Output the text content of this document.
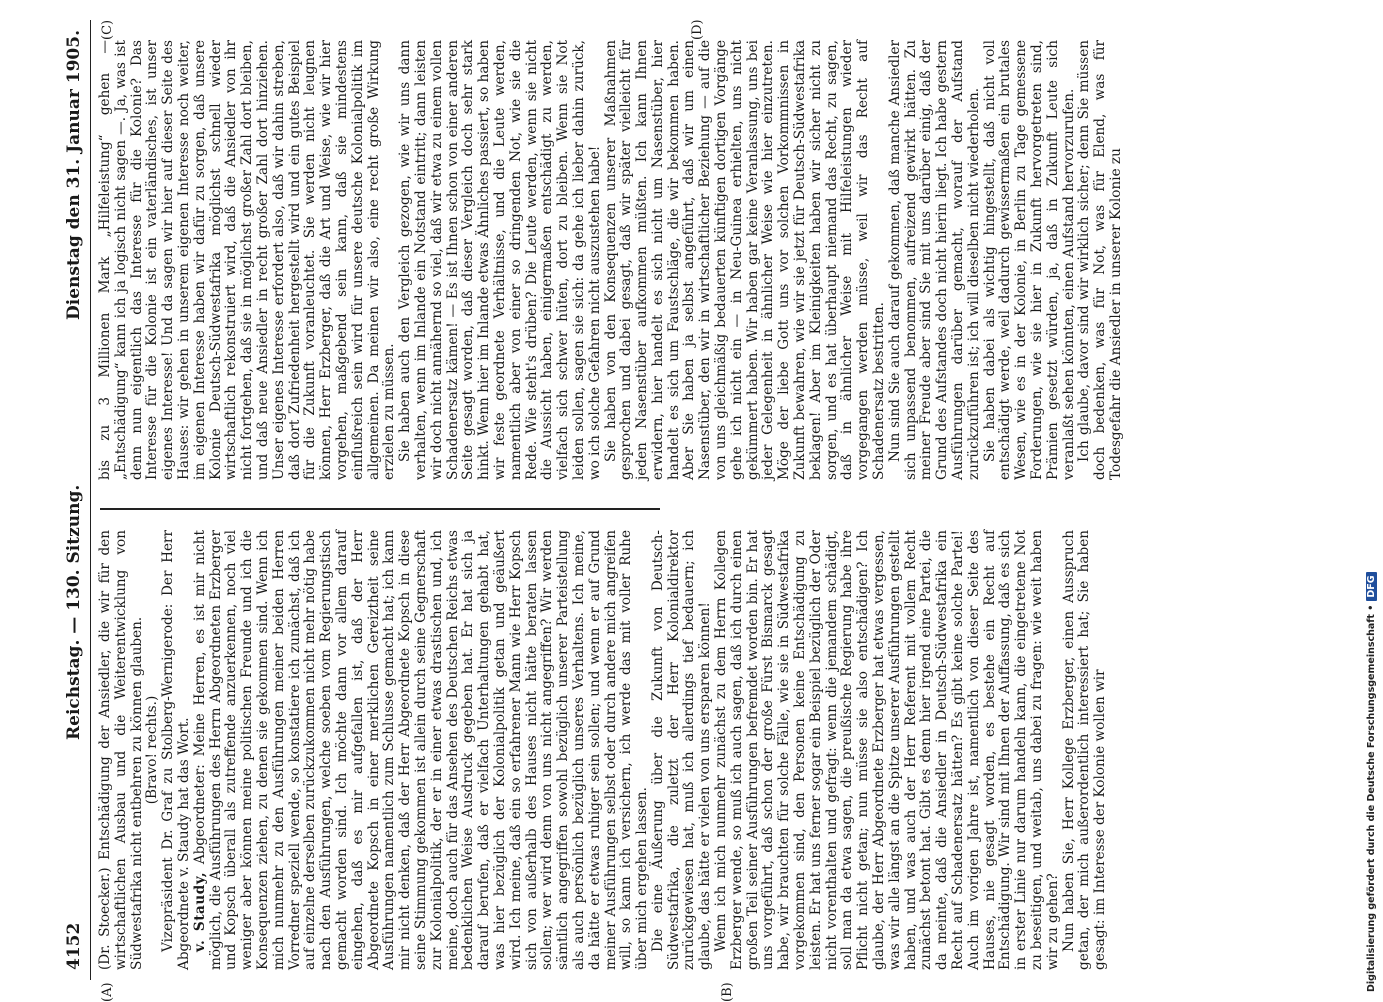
4152
Reichstag. — 130. Sitzung.
Dienstag den 31. Januar 1905.
(A)	(B)
(C)	(D)

(Dr. Stoecker.) Entschädigung der Ansiedler, die wir für den wirtschaftlichen Ausbau und die Weiterentwicklung von Südwestafrika nicht entbehren zu können glauben. (Bravo! rechts.) Vizepräsident Dr. Graf zu Stolberg-Wernigerode: Der Herr Abgeordnete v. Staudy hat das Wort. v. Staudy, Abgeordneter: Meine Herren, es ist mir nicht möglich, die Ausführungen des Herrn Abgeordneten Erzberger und Kopsch überall als zutreffende anzuerkennen, noch viel weniger aber können meine politischen Freunde und ich die Konsequenzen ziehen, zu denen sie gekommen sind. Wenn ich mich nunmehr zu den Ausführungen meiner beiden Herren Vorredner speziell wende, so konstatiere ich zunächst, daß ich auf einzelne derselben zurückzukommen nicht mehr nötig habe nach den Ausführungen, welche soeben vom Regierungstisch gemacht worden sind. Ich möchte dann vor allem darauf eingehen, daß es mir aufgefallen ist, daß der Herr Abgeordnete Kopsch in einer merklichen Gereiztheit seine Ausführungen namentlich zum Schlusse gemacht hat; ich kann mir nicht denken, daß der Herr Abgeordnete Kopsch in diese seine Stimmung gekommen ist allein durch seine Gegnerschaft zur Kolonialpolitik, der er in einer etwas drastischen und, ich meine, doch auch für das Ansehen des Deutschen Reichs etwas bedenklichen Weise Ausdruck gegeben hat. Er hat sich ja darauf berufen, daß er vielfach Unterhaltungen gehabt hat, was hier bezüglich der Kolonialpolitik getan und geäußert wird. Ich meine, daß ein so erfahrener Mann wie Herr Kopsch sich von außerhalb des Hauses nicht hätte beraten lassen sollen; wer wird denn von uns nicht angegriffen? Wir werden sämtlich angegriffen sowohl bezüglich unserer Parteistellung als auch persönlich bezüglich unseres Verhaltens. Ich meine, da hätte er etwas ruhiger sein sollen; und wenn er auf Grund meiner Ausführungen selbst oder durch andere mich angreifen will, so kann ich versichern, ich werde das mit voller Ruhe über mich ergehen lassen. Die eine Äußerung über die Zukunft von Deutsch-Südwestafrika, die zuletzt der Herr Kolonialdirektor zurückgewiesen hat, muß ich allerdings tief bedauern; ich glaube, das hätte er vielen von uns ersparen können! Wenn ich mich nunmehr zunächst zu dem Herrn Kollegen Erzberger wende, so muß ich auch sagen, daß ich durch einen großen Teil seiner Ausführungen befremdet worden bin. Er hat uns vorgeführt, daß schon der große Fürst Bismarck gesagt habe, wir brauchten für solche Fälle, wie sie in Südwestafrika vorgekommen sind, den Personen keine Entschädigung zu leisten. Er hat uns ferner sogar ein Beispiel bezüglich der Oder nicht vorenthalten und gefragt: wenn die jemandem schädigt, soll man da etwa sagen, die preußische Regierung habe ihre Pflicht nicht getan; nun müsse sie also entschädigen? Ich glaube, der Herr Abgeordnete Erzberger hat etwas vergessen, was wir alle längst an die Spitze unserer Ausführungen gestellt haben, und was auch der Herr Referent mit vollem Recht zunächst betont hat. Gibt es denn hier irgend eine Partei, die da meinte, daß die Ansiedler in Deutsch-Südwestafrika ein Recht auf Schadenersatz hätten? Es gibt keine solche Partei! Auch im vorigen Jahre ist, namentlich von dieser Seite des Hauses, nie gesagt worden, es bestehe ein Recht auf Entschädigung. Wir sind mit Ihnen der Auffassung, daß es sich in erster Linie nur darum handeln kann, die eingetretene Not zu beseitigen, und weitab, uns dabei zu fragen: wie weit haben wir zu gehen? Nun haben Sie, Herr Kollege Erzberger, einen Ausspruch getan, der mich außerordentlich interessiert hat; Sie haben gesagt: im Interesse der Kolonie wollen wir

bis zu 3 Millionen Mark „Hilfeleistung“ gehen — „Entschädigung“ kann ich ja logisch nicht sagen —. Ja, was ist denn nun eigentlich das Interesse für die Kolonie? Das Interesse für die Kolonie ist ein vaterländisches, ist unser eigenes Interesse! Und da sagen wir hier auf dieser Seite des Hauses: wir gehen in unserem eigenen Interesse noch weiter, im eigenen Interesse haben wir dafür zu sorgen, daß unsere Kolonie Deutsch-Südwestafrika möglichst schnell wieder wirtschaftlich rekonstruiert wird, daß die Ansiedler von ihr nicht fortgehen, daß sie in möglichst großer Zahl dort bleiben, und daß neue Ansiedler in recht großer Zahl dort hinziehen. Unser eigenes Interesse erfordert also, daß wir dahin streben, daß dort Zufriedenheit hergestellt wird und ein gutes Beispiel für die Zukunft voranleuchtet. Sie werden nicht leugnen können, Herr Erzberger, daß die Art und Weise, wie wir hier vorgehen, maßgebend sein kann, daß sie mindestens einflußreich sein wird für unsere deutsche Kolonialpolitik im allgemeinen. Da meinen wir also, eine recht große Wirkung erzielen zu müssen. Sie haben auch den Vergleich gezogen, wie wir uns dann verhalten, wenn im Inlande ein Notstand eintritt; dann leisten wir doch nicht annähernd so viel, daß wir etwa zu einem vollen Schadenersatz kämen! — Es ist Ihnen schon von einer anderen Seite gesagt worden, daß dieser Vergleich doch sehr stark hinkt. Wenn hier im Inlande etwas Ähnliches passiert, so haben wir feste geordnete Verhältnisse, und die Leute werden, namentlich aber von einer so dringenden Not, wie sie die Rede. Wie steht's drüben? Die Leute werden, wenn sie nicht die Aussicht haben, einigermaßen entschädigt zu werden, vielfach sich schwer hüten, dort zu bleiben. Wenn sie Not leiden sollen, sagen sie sich: da gehe ich lieber dahin zurück, wo ich solche Gefahren nicht auszustehen habe! Sie haben von den Konsequenzen unserer Maßnahmen gesprochen und dabei gesagt, daß wir später vielleicht für jeden Nasenstüber aufkommen müßten. Ich kann Ihnen erwidern, hier handelt es sich nicht um Nasenstüber, hier handelt es sich um Faustschläge, die wir bekommen haben. Aber Sie haben ja selbst angeführt, daß wir um einen Nasenstüber, den wir in wirtschaftlicher Beziehung — auf die von uns gleichmäßig bedauerten künftigen dortigen Vorgänge gehe ich nicht ein — in Neu-Guinea erhielten, uns nicht gekümmert haben. Wir haben gar keine Veranlassung, uns bei jeder Gelegenheit in ähnlicher Weise wie hier einzutreten. Möge der liebe Gott uns vor solchen Vorkommnissen in Zukunft bewahren, wie wir sie jetzt für Deutsch-Südwestafrika beklagen! Aber im Kleinigkeiten haben wir sicher nicht zu sorgen, und es hat überhaupt niemand das Recht, zu sagen, daß in ähnlicher Weise mit Hilfeleistungen wieder vorgegangen werden müsse, weil wir das Recht auf Schadenersatz bestritten. Nun sind Sie auch darauf gekommen, daß manche Ansiedler sich unpassend benommen, aufreizend gewirkt hätten. Zu meiner Freude aber sind Sie mit uns darüber einig, daß der Grund des Aufstandes doch nicht hierin liegt. Ich habe gestern Ausführungen darüber gemacht, worauf der Aufstand zurückzuführen ist; ich will dieselben nicht wiederholen. Sie haben dabei als wichtig hingestellt, daß nicht voll entschädigt werde, weil dadurch gewissermaßen ein brutales Wesen, wie es in der Kolonie, in Berlin zu Tage gemessene Forderungen, wie sie hier in Zukunft hervorgetreten sind, Prämien gesetzt würden, ja, daß in Zukunft Leute sich veranlaßt sehen könnten, einen Aufstand hervorzurufen. Ich glaube, davor sind wir wirklich sicher; denn Sie müssen doch bedenken, was für Not, was für Elend, was für Todesgefahr die Ansiedler in unserer Kolonie zu

Digitalisierung gefördert durch die Deutsche Forschungsgemeinschaft •DFG
